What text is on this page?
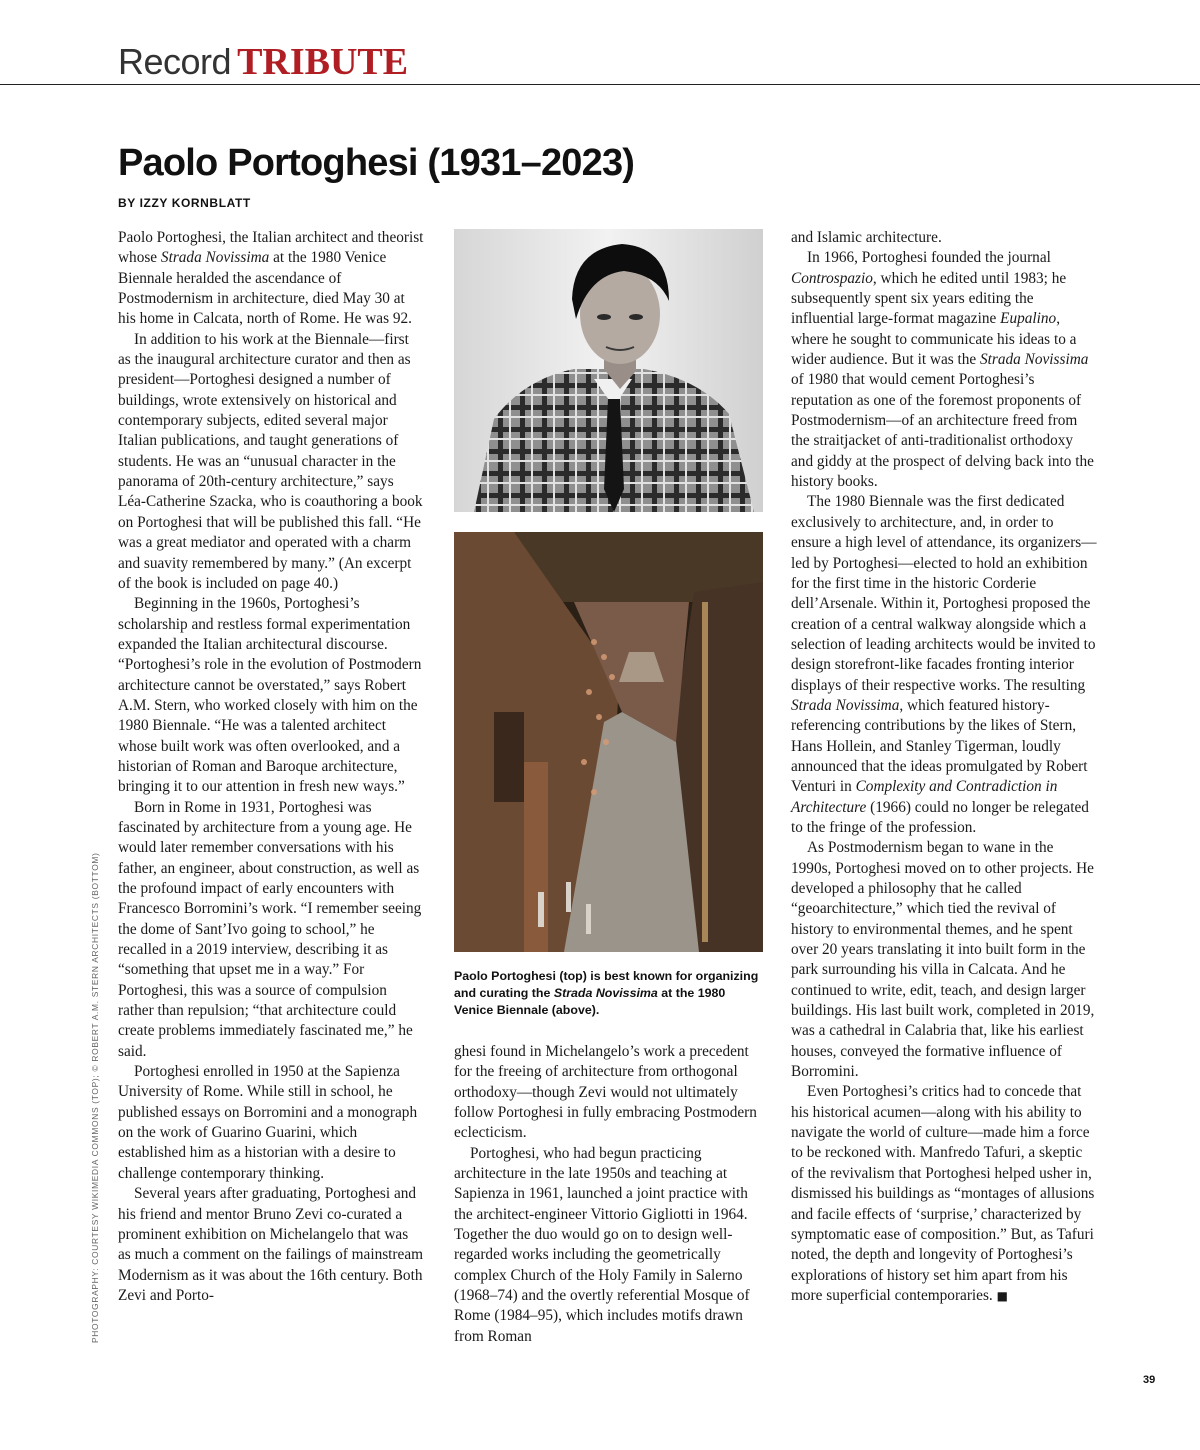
Record TRIBUTE
Paolo Portoghesi (1931–2023)
BY IZZY KORNBLATT

Paolo Portoghesi, the Italian architect and theorist whose Strada Novissima at the 1980 Venice Biennale heralded the ascendance of Postmodernism in architecture, died May 30 at his home in Calcata, north of Rome. He was 92.

In addition to his work at the Biennale—first as the inaugural architecture curator and then as president—Portoghesi designed a number of buildings, wrote extensively on historical and contemporary subjects, edited several major Italian publications, and taught generations of students. He was an “unusual character in the panorama of 20th-century architecture,” says Léa-Catherine Szacka, who is coauthoring a book on Portoghesi that will be published this fall. “He was a great mediator and operated with a charm and suavity remembered by many.” (An excerpt of the book is included on page 40.)

Beginning in the 1960s, Portoghesi’s scholarship and restless formal experimentation expanded the Italian architectural discourse. “Portoghesi’s role in the evolution of Postmodern architecture cannot be overstated,” says Robert A.M. Stern, who worked closely with him on the 1980 Biennale. “He was a talented architect whose built work was often overlooked, and a historian of Roman and Baroque architecture, bringing it to our attention in fresh new ways.”

Born in Rome in 1931, Portoghesi was fascinated by architecture from a young age. He would later remember conversations with his father, an engineer, about construction, as well as the profound impact of early encounters with Francesco Borromini’s work. “I remember seeing the dome of Sant’Ivo going to school,” he recalled in a 2019 interview, describing it as “something that upset me in a way.” For Portoghesi, this was a source of compulsion rather than repulsion; “that architecture could create problems immediately fascinated me,” he said.

Portoghesi enrolled in 1950 at the Sapienza University of Rome. While still in school, he published essays on Borromini and a monograph on the work of Guarino Guarini, which established him as a historian with a desire to challenge contemporary thinking.

Several years after graduating, Portoghesi and his friend and mentor Bruno Zevi co-curated a prominent exhibition on Michelangelo that was as much a comment on the failings of mainstream Modernism as it was about the 16th century. Both Zevi and Porto-

Paolo Portoghesi (top) is best known for organizing and curating the Strada Novissima at the 1980 Venice Biennale (above).

ghesi found in Michelangelo’s work a precedent for the freeing of architecture from orthogonal orthodoxy—though Zevi would not ultimately follow Portoghesi in fully embracing Postmodern eclecticism.

Portoghesi, who had begun practicing architecture in the late 1950s and teaching at Sapienza in 1961, launched a joint practice with the architect-engineer Vittorio Gigliotti in 1964. Together the duo would go on to design well-regarded works including the geometrically complex Church of the Holy Family in Salerno (1968–74) and the overtly referential Mosque of Rome (1984–95), which includes motifs drawn from Roman

and Islamic architecture.

In 1966, Portoghesi founded the journal Controspazio, which he edited until 1983; he subsequently spent six years editing the influential large-format magazine Eupalino, where he sought to communicate his ideas to a wider audience. But it was the Strada Novissima of 1980 that would cement Portoghesi’s reputation as one of the foremost proponents of Postmodernism—of an architecture freed from the straitjacket of anti-traditionalist orthodoxy and giddy at the prospect of delving back into the history books.

The 1980 Biennale was the first dedicated exclusively to architecture, and, in order to ensure a high level of attendance, its organizers—led by Portoghesi—elected to hold an exhibition for the first time in the historic Corderie dell’Arsenale. Within it, Portoghesi proposed the creation of a central walkway alongside which a selection of leading architects would be invited to design storefront-like facades fronting interior displays of their respective works. The resulting Strada Novissima, which featured history-referencing contributions by the likes of Stern, Hans Hollein, and Stanley Tigerman, loudly announced that the ideas promulgated by Robert Venturi in Complexity and Contradiction in Architecture (1966) could no longer be relegated to the fringe of the profession.

As Postmodernism began to wane in the 1990s, Portoghesi moved on to other projects. He developed a philosophy that he called “geoarchitecture,” which tied the revival of history to environmental themes, and he spent over 20 years translating it into built form in the park surrounding his villa in Calcata. And he continued to write, edit, teach, and design larger buildings. His last built work, completed in 2019, was a cathedral in Calabria that, like his earliest houses, conveyed the formative influence of Borromini.

Even Portoghesi’s critics had to concede that his historical acumen—along with his ability to navigate the world of culture—made him a force to be reckoned with. Manfredo Tafuri, a skeptic of the revivalism that Portoghesi helped usher in, dismissed his buildings as “montages of allusions and facile effects of ‘surprise,’ characterized by symptomatic ease of composition.” But, as Tafuri noted, the depth and longevity of Portoghesi’s explorations of history set him apart from his more superficial contemporaries. ■

PHOTOGRAPHY: COURTESY WIKIMEDIA COMMONS (TOP); © ROBERT A.M. STERN ARCHITECTS (BOTTOM)
39
